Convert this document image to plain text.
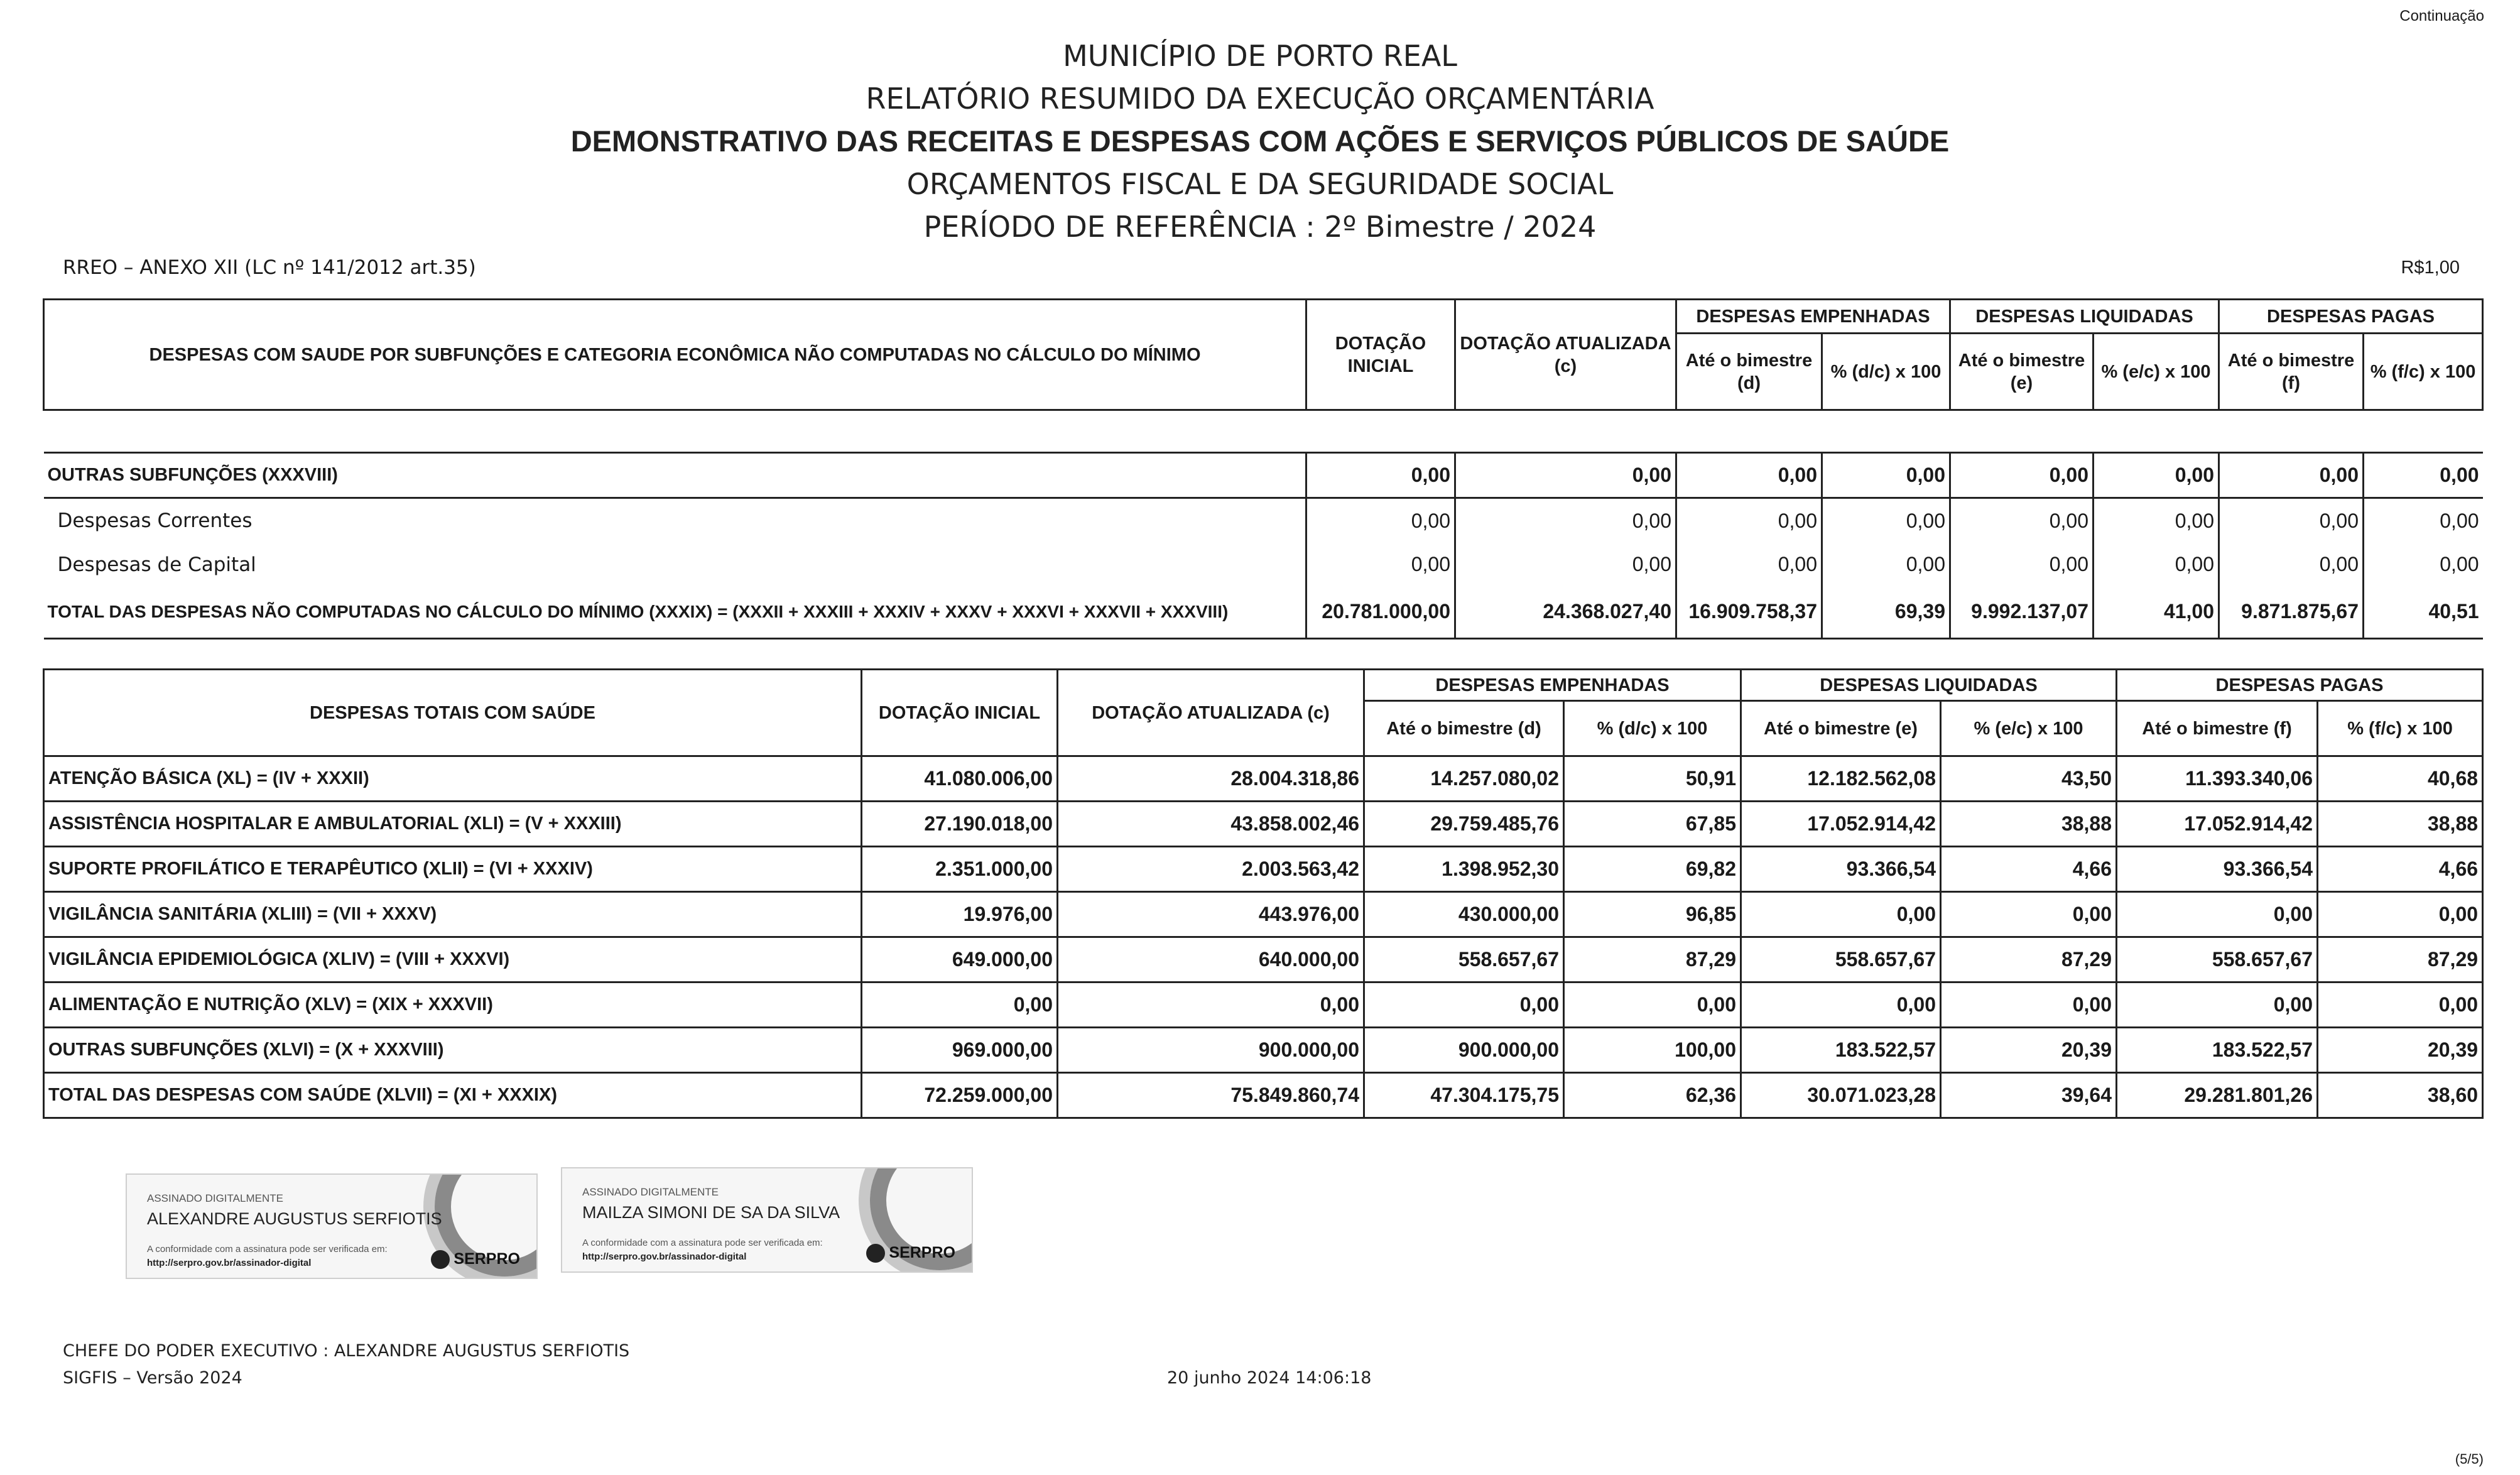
Continuação
MUNICÍPIO DE PORTO REAL
RELATÓRIO RESUMIDO DA EXECUÇÃO ORÇAMENTÁRIA
DEMONSTRATIVO DAS RECEITAS E DESPESAS COM AÇÕES E SERVIÇOS PÚBLICOS DE SAÚDE
ORÇAMENTOS FISCAL E DA SEGURIDADE SOCIAL
PERÍODO DE REFERÊNCIA : 2º Bimestre / 2024
RREO – ANEXO XII (LC nº 141/2012 art.35)	R$1,00
DESPESAS COM SAUDE POR SUBFUNÇÕES E CATEGORIA ECONÔMICA NÃO COMPUTADAS NO CÁLCULO DO MÍNIMO	DOTAÇÃO INICIAL	DOTAÇÃO ATUALIZADA (c)	DESPESAS EMPENHADAS		DESPESAS LIQUIDADAS		DESPESAS PAGAS	
			Até o bimestre (d)	% (d/c) x 100	Até o bimestre (e)	% (e/c) x 100	Até o bimestre (f)	% (f/c) x 100

OUTRAS SUBFUNÇÕES (XXXVIII)	0,00	0,00	0,00	0,00	0,00	0,00	0,00	0,00
Despesas Correntes	0,00	0,00	0,00	0,00	0,00	0,00	0,00	0,00
Despesas de Capital	0,00	0,00	0,00	0,00	0,00	0,00	0,00	0,00
TOTAL DAS DESPESAS NÃO COMPUTADAS NO CÁLCULO DO MÍNIMO (XXXIX) = (XXXII + XXXIII + XXXIV + XXXV + XXXVI + XXXVII + XXXVIII)	20.781.000,00	24.368.027,40	16.909.758,37	69,39	9.992.137,07	41,00	9.871.875,67	40,51
DESPESAS TOTAIS COM SAÚDE	DOTAÇÃO INICIAL	DOTAÇÃO ATUALIZADA (c)	DESPESAS EMPENHADAS		DESPESAS LIQUIDADAS		DESPESAS PAGAS	
			Até o bimestre (d)	% (d/c) x 100	Até o bimestre (e)	% (e/c) x 100	Até o bimestre (f)	% (f/c) x 100
ATENÇÃO BÁSICA (XL) = (IV + XXXII)	41.080.006,00	28.004.318,86	14.257.080,02	50,91	12.182.562,08	43,50	11.393.340,06	40,68
ASSISTÊNCIA HOSPITALAR E AMBULATORIAL (XLI) = (V + XXXIII)	27.190.018,00	43.858.002,46	29.759.485,76	67,85	17.052.914,42	38,88	17.052.914,42	38,88
SUPORTE PROFILÁTICO E TERAPÊUTICO (XLII) = (VI + XXXIV)	2.351.000,00	2.003.563,42	1.398.952,30	69,82	93.366,54	4,66	93.366,54	4,66
VIGILÂNCIA SANITÁRIA (XLIII) = (VII + XXXV)	19.976,00	443.976,00	430.000,00	96,85	0,00	0,00	0,00	0,00
VIGILÂNCIA EPIDEMIOLÓGICA (XLIV) = (VIII + XXXVI)	649.000,00	640.000,00	558.657,67	87,29	558.657,67	87,29	558.657,67	87,29
ALIMENTAÇÃO E NUTRIÇÃO (XLV) = (XIX + XXXVII)	0,00	0,00	0,00	0,00	0,00	0,00	0,00	0,00
OUTRAS SUBFUNÇÕES (XLVI) = (X + XXXVIII)	969.000,00	900.000,00	900.000,00	100,00	183.522,57	20,39	183.522,57	20,39
TOTAL DAS DESPESAS COM SAÚDE (XLVII) = (XI + XXXIX)	72.259.000,00	75.849.860,74	47.304.175,75	62,36	30.071.023,28	39,64	29.281.801,26	38,60
ASSINADO DIGITALMENTE
ALEXANDRE AUGUSTUS SERFIOTIS
A conformidade com a assinatura pode ser verificada em:
http://serpro.gov.br/assinador-digital	SERPRO
ASSINADO DIGITALMENTE
MAILZA SIMONI DE SA DA SILVA
A conformidade com a assinatura pode ser verificada em:
http://serpro.gov.br/assinador-digital	SERPRO
CHEFE DO PODER EXECUTIVO : ALEXANDRE AUGUSTUS SERFIOTIS
SIGFIS – Versão 2024	20 junho 2024 14:06:18
(5/5)
